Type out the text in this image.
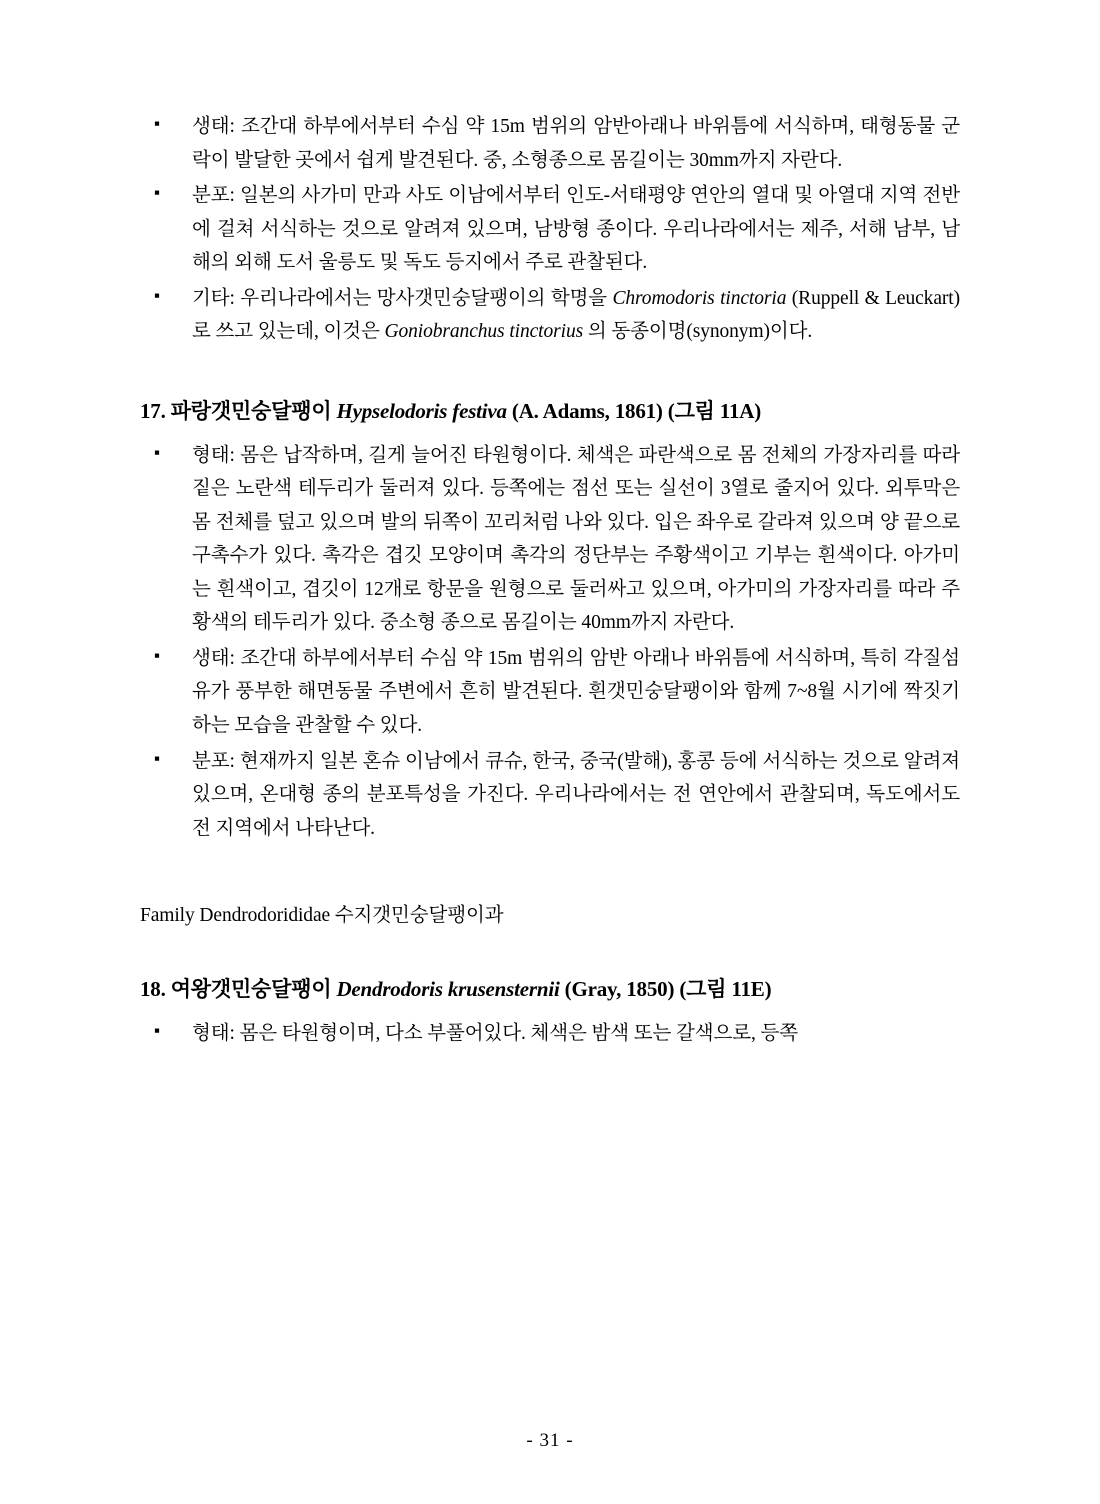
▪ 생태: 조간대 하부에서부터 수심 약 15m 범위의 암반아래나 바위틈에 서식하며, 태형동물 군락이 발달한 곳에서 쉽게 발견된다. 중, 소형종으로 몸길이는 30mm까지 자란다.
▪ 분포: 일본의 사가미 만과 사도 이남에서부터 인도-서태평양 연안의 열대 및 아열대 지역 전반에 걸쳐 서식하는 것으로 알려져 있으며, 남방형 종이다. 우리나라에서는 제주, 서해 남부, 남해의 외해 도서 울릉도 및 독도 등지에서 주로 관찰된다.
▪ 기타: 우리나라에서는 망사갯민숭달팽이의 학명을 Chromodoris tinctoria (Ruppell & Leuckart)로 쓰고 있는데, 이것은 Goniobranchus tinctorius 의 동종이명(synonym)이다.
17. 파랑갯민숭달팽이 Hypselodoris festiva (A. Adams, 1861) (그림 11A)
▪ 형태: 몸은 납작하며, 길게 늘어진 타원형이다. 체색은 파란색으로 몸 전체의 가장자리를 따라 짙은 노란색 테두리가 둘러져 있다. 등쪽에는 점선 또는 실선이 3열로 줄지어 있다. 외투막은 몸 전체를 덮고 있으며 발의 뒤쪽이 꼬리처럼 나와 있다. 입은 좌우로 갈라져 있으며 양 끝으로 구촉수가 있다. 촉각은 겹깃 모양이며 촉각의 정단부는 주황색이고 기부는 흰색이다. 아가미는 흰색이고, 겹깃이 12개로 항문을 원형으로 둘러싸고 있으며, 아가미의 가장자리를 따라 주황색의 테두리가 있다. 중소형 종으로 몸길이는 40mm까지 자란다.
▪ 생태: 조간대 하부에서부터 수심 약 15m 범위의 암반 아래나 바위틈에 서식하며, 특히 각질섬유가 풍부한 해면동물 주변에서 흔히 발견된다. 흰갯민숭달팽이와 함께 7~8월 시기에 짝짓기하는 모습을 관찰할 수 있다.
▪ 분포: 현재까지 일본 혼슈 이남에서 큐슈, 한국, 중국(발해), 홍콩 등에 서식하는 것으로 알려져 있으며, 온대형 종의 분포특성을 가진다. 우리나라에서는 전 연안에서 관찰되며, 독도에서도 전 지역에서 나타난다.
Family Dendrodorididae 수지갯민숭달팽이과
18. 여왕갯민숭달팽이 Dendrodoris krusensternii (Gray, 1850) (그림 11E)
▪ 형태: 몸은 타원형이며, 다소 부풀어있다. 체색은 밤색 또는 갈색으로, 등쪽
- 31 -
